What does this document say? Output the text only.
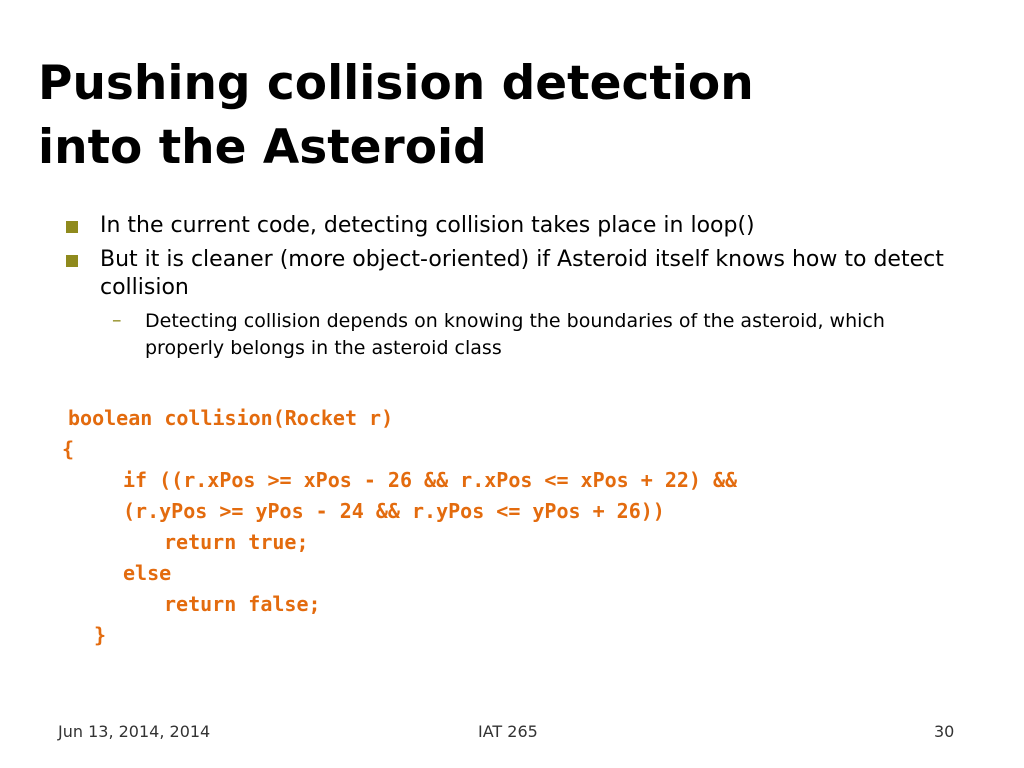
Pushing collision detection
into the Asteroid
In the current code, detecting collision takes place in loop()
But it is cleaner (more object-oriented) if Asteroid itself knows how to detect collision
– Detecting collision depends on knowing the boundaries of the asteroid, which properly belongs in the asteroid class
boolean collision(Rocket r)
{
if ((r.xPos >= xPos - 26 && r.xPos <= xPos + 22) &&
(r.yPos >= yPos - 24 && r.yPos <= yPos + 26))
return true;
else
return false;
}
Jun 13, 2014, 2014	IAT 265	30
